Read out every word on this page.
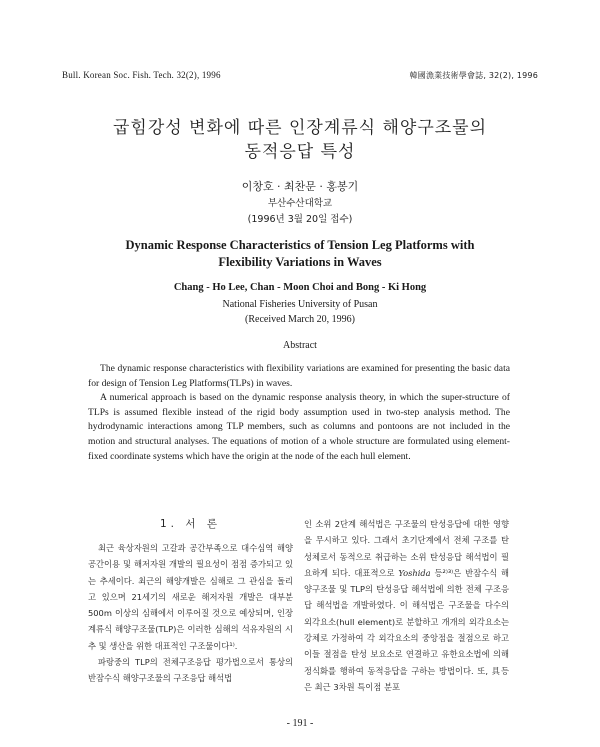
Bull. Korean Soc. Fish. Tech. 32(2), 1996	韓國漁業技術學會誌, 32(2), 1996
굽힘강성 변화에 따른 인장계류식 해양구조물의
동적응답 특성
이창호 · 최찬문 · 홍봉기
부산수산대학교
(1996년 3월 20일 접수)
Dynamic Response Characteristics of Tension Leg Platforms with
Flexibility Variations in Waves
Chang - Ho Lee, Chan - Moon Choi and Bong - Ki Hong
National Fisheries University of Pusan
(Received March 20, 1996)
Abstract

The dynamic response characteristics with flexibility variations are examined for presenting the basic data for design of Tension Leg Platforms(TLPs) in waves.

A numerical approach is based on the dynamic response analysis theory, in which the super-structure of TLPs is assumed flexible instead of the rigid body assumption used in two-step analysis method. The hydrodynamic interactions among TLP members, such as columns and pontoons are not included in the motion and structural analyses. The equations of motion of a whole structure are formulated using element-fixed coordinate systems which have the origin at the node of the each hull element.

1. 서 론

최근 육상자원의 고갈과 공간부족으로 대수심역 해양공간이용 및 해저자원 개발의 필요성이 점점 증가되고 있는 추세이다. 최근의 해양개발은 심해로 그 관심을 돌리고 있으며 21세기의 새로운 해저자원 개발은 대부분 500m 이상의 심해에서 이루어질 것으로 예상되며, 인장계류식 해양구조물(TLP)은 이러한 심해의 석유자원의 시추 및 생산을 위한 대표적인 구조물이다¹⁾.

파랑중의 TLP의 전체구조응답 평가법으로서 통상의 반잠수식 해양구조물의 구조응답 해석법

인 소위 2단계 해석법은 구조물의 탄성응답에 대한 영향을 무시하고 있다. 그래서 초기단계에서 전체 구조를 탄성체로서 동적으로 취급하는 소위 탄성응답 해석법이 필요하게 되다. 대표적으로 Yoshida 등²⁾³⁾은 반잠수식 해양구조물 및 TLP의 탄성응답 해석법에 의한 전체 구조응답 해석법을 개발하였다. 이 해석법은 구조물을 다수의 외각요소(hull element)로 분할하고 개개의 외각요소는 강체로 가정하여 각 외각요소의 중앙점을 절점으로 하고 이들 절점을 탄성 보요소로 연결하고 유한요소법에 의해 정식화를 행하여 동적응답을 구하는 방법이다. 또, 具등은 최근 3차원 특이점 분포

- 191 -
